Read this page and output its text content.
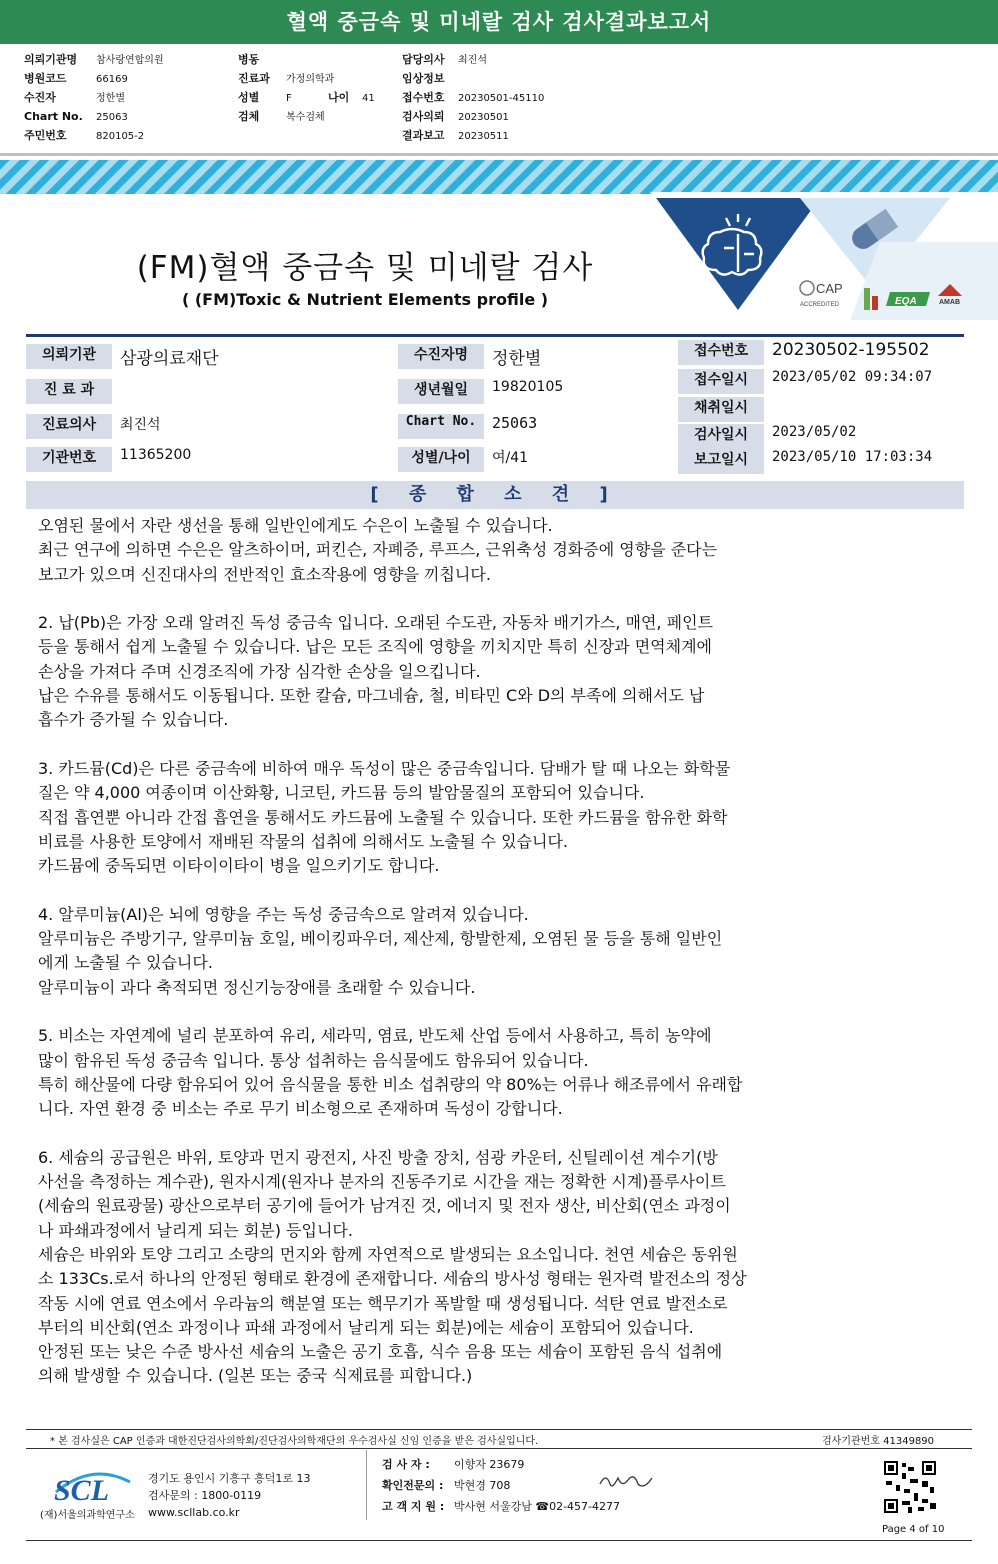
혈액 중금속 및 미네랄 검사 검사결과보고서
의뢰기관명 참사랑연합의원
병원코드	66169
수진자	정한별
Chart No. 25063
주민번호	820105-2
병동
진료과 가정의학과
성별	F	나이 41
검체	복수검체
담당의사 최진석
임상정보
접수번호 20230501-45110
검사의뢰 20230501
결과보고 20230511
CAP
ACCREDITED	EQA	AMAB
(FM)혈액 중금속 및 미네랄 검사
( (FM)Toxic & Nutrient Elements profile )
의뢰기관	삼광의료재단	수진자명	정한별	접수번호	20230502-195502
진 료 과	생년월일	19820105	접수일시	2023/05/02 09:34:07
채취일시
진료의사	최진석	Chart No.	25063
검사일시	2023/05/02
기관번호	11365200	성별/나이	여/41	보고일시	2023/05/10 17:03:34
[ 종 합 소 견 ]

오염된 물에서 자란 생선을 통해 일반인에게도 수은이 노출될 수 있습니다.

최근 연구에 의하면 수은은 알츠하이머, 퍼킨슨, 자폐증, 루프스, 근위축성 경화증에 영향을 준다는

보고가 있으며 신진대사의 전반적인 효소작용에 영향을 끼칩니다.

2. 납(Pb)은 가장 오래 알려진 독성 중금속 입니다. 오래된 수도관, 자동차 배기가스, 매연, 페인트

등을 통해서 쉽게 노출될 수 있습니다. 납은 모든 조직에 영향을 끼치지만 특히 신장과 면역체계에

손상을 가져다 주며 신경조직에 가장 심각한 손상을 일으킵니다.

납은 수유를 통해서도 이동됩니다. 또한 칼슘, 마그네슘, 철, 비타민 C와 D의 부족에 의해서도 납

흡수가 증가될 수 있습니다.

3. 카드뮴(Cd)은 다른 중금속에 비하여 매우 독성이 많은 중금속입니다. 담배가 탈 때 나오는 화학물

질은 약 4,000 여종이며 이산화황, 니코틴, 카드뮴 등의 발암물질의 포함되어 있습니다.

직접 흡연뿐 아니라 간접 흡연을 통해서도 카드뮴에 노출될 수 있습니다. 또한 카드뮴을 함유한 화학

비료를 사용한 토양에서 재배된 작물의 섭취에 의해서도 노출될 수 있습니다.

카드뮴에 중독되면 이타이이타이 병을 일으키기도 합니다.

4. 알루미늄(Al)은 뇌에 영향을 주는 독성 중금속으로 알려져 있습니다.

알루미늄은 주방기구, 알루미늄 호일, 베이킹파우더, 제산제, 항발한제, 오염된 물 등을 통해 일반인

에게 노출될 수 있습니다.

알루미늄이 과다 축적되면 정신기능장애를 초래할 수 있습니다.

5. 비소는 자연계에 널리 분포하여 유리, 세라믹, 염료, 반도체 산업 등에서 사용하고, 특히 농약에

많이 함유된 독성 중금속 입니다. 통상 섭취하는 음식물에도 함유되어 있습니다.

특히 해산물에 다량 함유되어 있어 음식물을 통한 비소 섭취량의 약 80%는 어류나 해조류에서 유래합

니다. 자연 환경 중 비소는 주로 무기 비소형으로 존재하며 독성이 강합니다.

6. 세슘의 공급원은 바위, 토양과 먼지 광전지, 사진 방출 장치, 섬광 카운터, 신틸레이션 계수기(방

사선을 측정하는 계수관), 원자시계(원자나 분자의 진동주기로 시간을 재는 정확한 시계)플루사이트

(세슘의 원료광물) 광산으로부터 공기에 들어가 남겨진 것, 에너지 및 전자 생산, 비산회(연소 과정이

나 파쇄과정에서 날리게 되는 회분) 등입니다.

세슘은 바위와 토양 그리고 소량의 먼지와 함께 자연적으로 발생되는 요소입니다. 천연 세슘은 동위원

소 133Cs.로서 하나의 안정된 형태로 환경에 존재합니다. 세슘의 방사성 형태는 원자력 발전소의 정상

작동 시에 연료 연소에서 우라늄의 핵분열 또는 핵무기가 폭발할 때 생성됩니다. 석탄 연료 발전소로

부터의 비산회(연소 과정이나 파쇄 과정에서 날리게 되는 회분)에는 세슘이 포함되어 있습니다.

안정된 또는 낮은 수준 방사선 세슘의 노출은 공기 호흡, 식수 음용 또는 세슘이 포함된 음식 섭취에

의해 발생할 수 있습니다. (일본 또는 중국 식제료를 피합니다.)

* 본 검사실은 CAP 인증과 대한진단검사의학회/진단검사의학재단의 우수검사실 신임 인증을 받은 검사실입니다.	검사기관번호 41349890
SCL
(재)서울의과학연구소
경기도 용인시 기흥구 흥덕1로 13
검사문의 : 1800-0119
www.scllab.co.kr
검 사 자 : 이향자 23679
확인전문의 : 박현경 708
고 객 지 원 : 박사현 서울강남 ☎02-457-4277
Page 4 of 10
